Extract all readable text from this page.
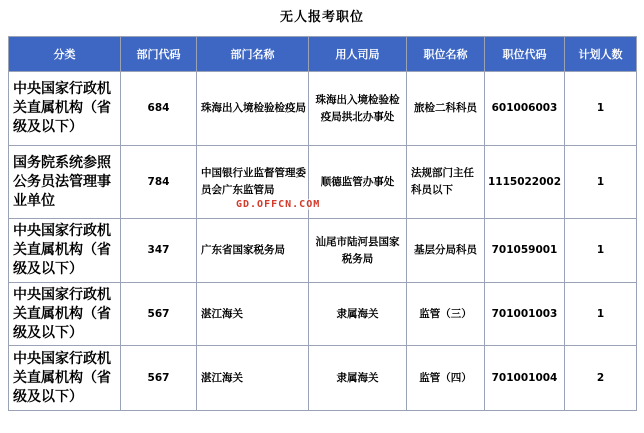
无人报考职位
分类	部门代码	部门名称	用人司局	职位名称	职位代码	计划人数
中央国家行政机关直属机构（省级及以下）	684	珠海出入境检验检疫局	珠海出入境检验检疫局拱北办事处	旅检二科科员	601006003	1
国务院系统参照公务员法管理事业单位	784	中国银行业监督管理委员会广东监管局	顺德监管办事处	法规部门主任科员以下	1115022002	1
中央国家行政机关直属机构（省级及以下）	347	广东省国家税务局	汕尾市陆河县国家税务局	基层分局科员	701059001	1
中央国家行政机关直属机构（省级及以下）	567	湛江海关	隶属海关	监管（三）	701001003	1
中央国家行政机关直属机构（省级及以下）	567	湛江海关	隶属海关	监管（四）	701001004	2
GD.OFFCN.COM
